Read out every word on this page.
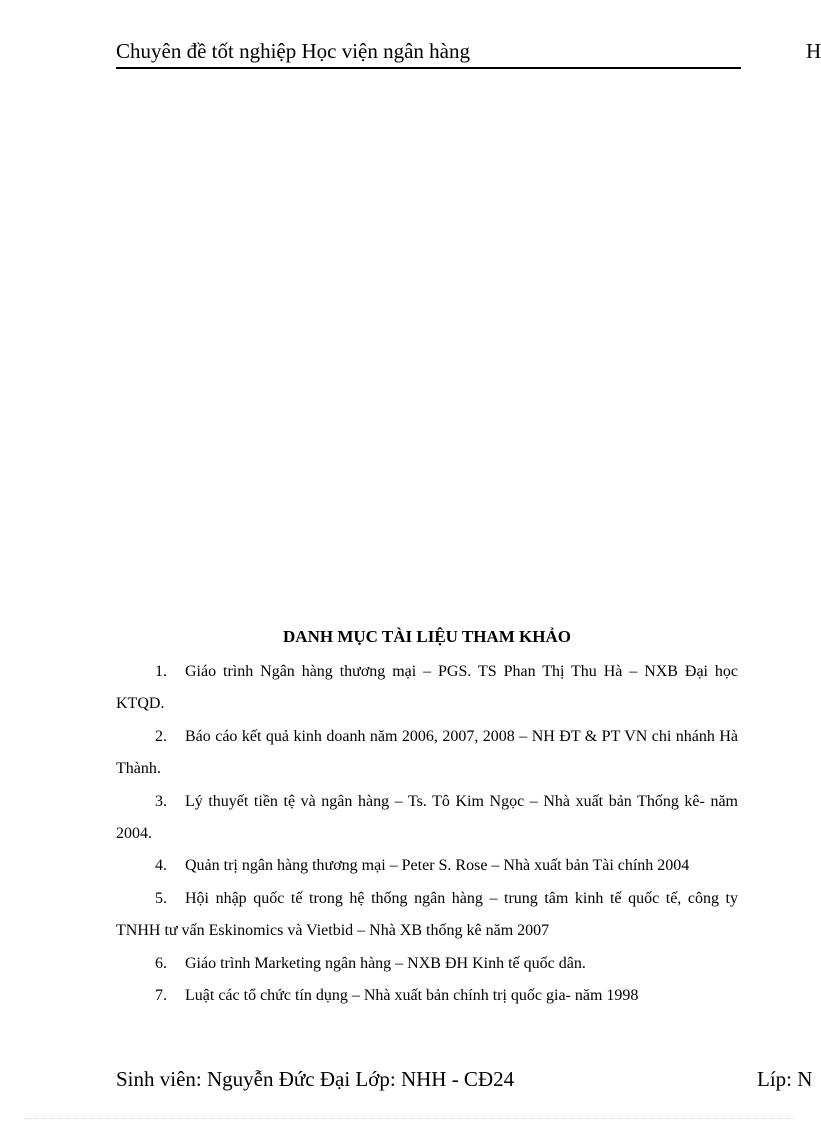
Chuyên đề tốt nghiệp Học viện ngân hàng	H
DANH MỤC TÀI LIỆU THAM KHẢO
1. Giáo trình Ngân hàng thương mại – PGS. TS Phan Thị Thu Hà – NXB Đại học KTQD.
2. Báo cáo kết quả kinh doanh năm 2006, 2007, 2008 – NH ĐT & PT VN chi nhánh Hà Thành.
3. Lý thuyết tiền tệ và ngân hàng – Ts. Tô Kim Ngọc – Nhà xuất bản Thống kê- năm 2004.
4. Quản trị ngân hàng thương mại – Peter S. Rose – Nhà xuất bản Tài chính 2004
5. Hội nhập quốc tế trong hệ thống ngân hàng – trung tâm kinh tế quốc tế, công ty TNHH tư vấn Eskinomics và Vietbid – Nhà XB thống kê năm 2007
6. Giáo trình Marketing ngân hàng – NXB ĐH Kinh tế quốc dân.
7. Luật các tổ chức tín dụng – Nhà xuất bản chính trị quốc gia- năm 1998
Sinh viên: Nguyễn Đức Đại Lớp: NHH - CĐ24	Líp: N
